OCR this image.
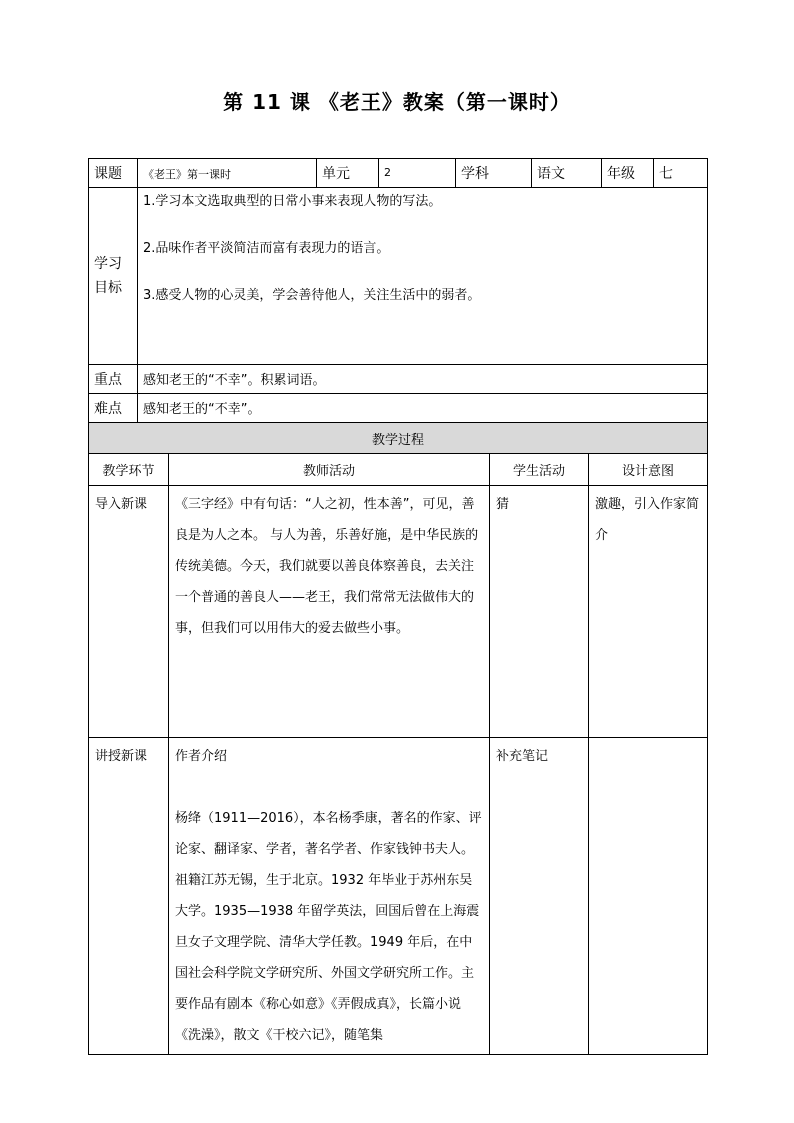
第 11 课 《老王》教案（第一课时）
课题	《老王》第一课时	单元	2	学科	语文	年级	七

学习目标	1.学习本文选取典型的日常小事来表现人物的写法。

2.品味作者平淡简洁而富有表现力的语言。

3.感受人物的心灵美，学会善待他人，关注生活中的弱者。						

重点	感知老王的“不幸”。积累词语。						
难点	感知老王的“不幸”。						
教学过程			
教学环节	教师活动	学生活动	设计意图
导入新课	《三字经》中有句话：“人之初，性本善”，可见，善良是为人之本。 与人为善，乐善好施，是中华民族的传统美德。今天，我们就要以善良体察善良，去关注一个普通的善良人——老王，我们常常无法做伟大的事，但我们可以用伟大的爱去做些小事。	猜	激趣，引入作家简介
讲授新课	作者介绍

杨绛（1911—2016），本名杨季康，著名的作家、评论家、翻译家、学者，著名学者、作家钱钟书夫人。祖籍江苏无锡，生于北京。1932 年毕业于苏州东吴大学。1935—1938 年留学英法，回国后曾在上海震旦女子文理学院、清华大学任教。1949 年后，在中国社会科学院文学研究所、外国文学研究所工作。主要作品有剧本《称心如意》《弄假成真》，长篇小说《洗澡》，散文《干校六记》，随笔集	补充笔记	
